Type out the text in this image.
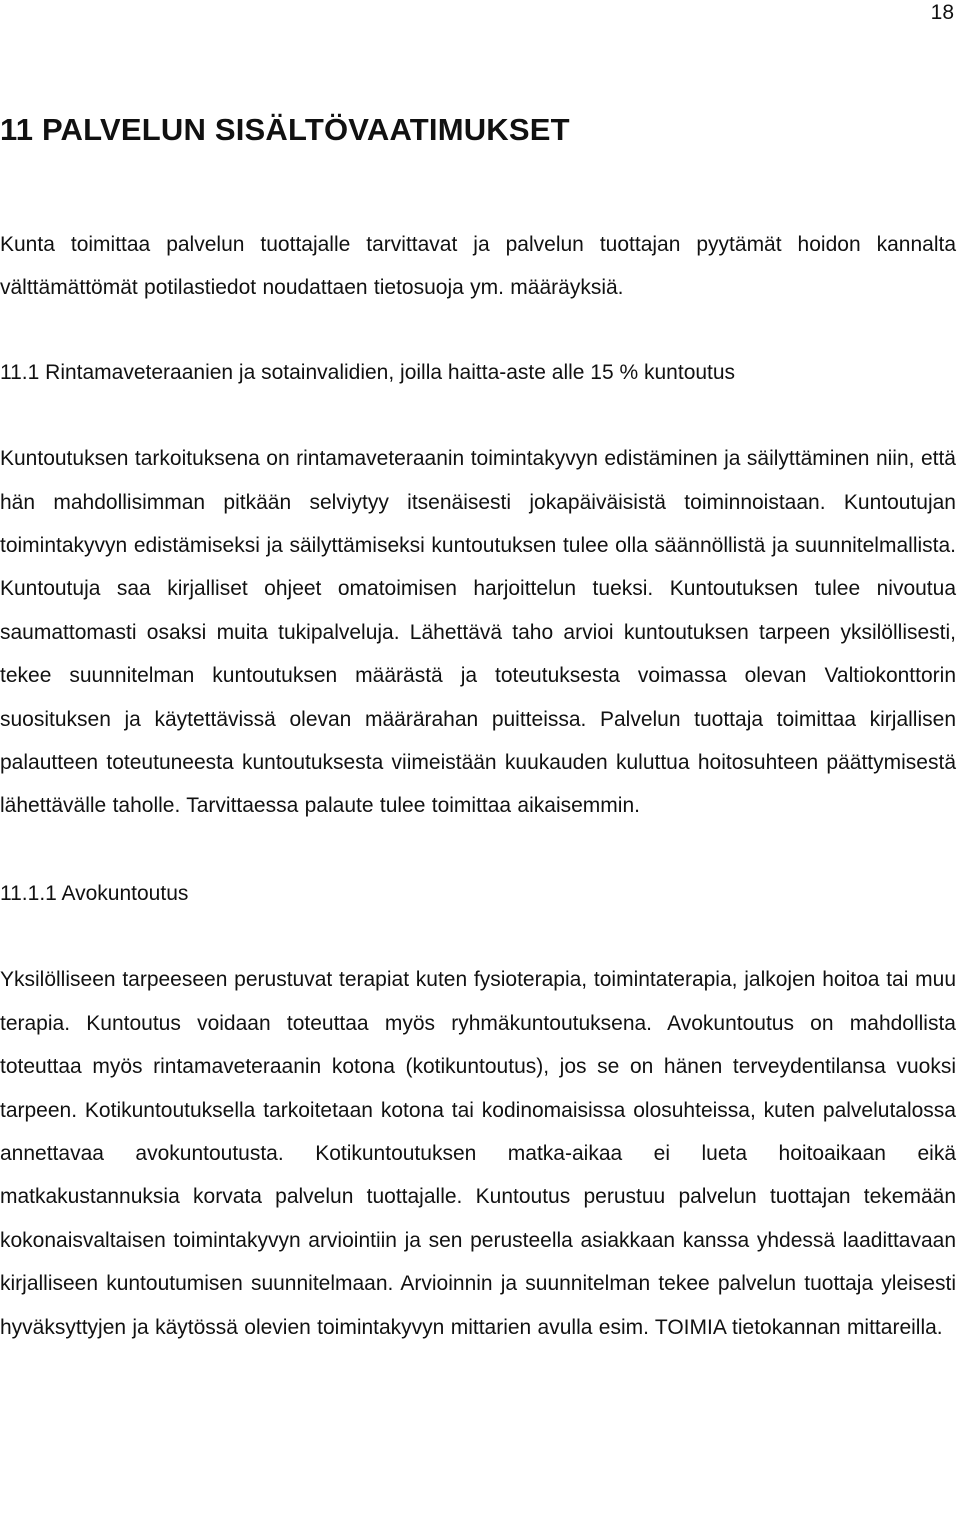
18
11 PALVELUN SISÄLTÖVAATIMUKSET

Kunta toimittaa palvelun tuottajalle tarvittavat ja palvelun tuottajan pyytämät hoidon kannalta välttämättömät potilastiedot noudattaen tietosuoja ym. määräyksiä.

11.1 Rintamaveteraanien ja sotainvalidien, joilla haitta-aste alle 15 % kuntoutus

Kuntoutuksen tarkoituksena on rintamaveteraanin toimintakyvyn edistäminen ja säilyttäminen niin, että hän mahdollisimman pitkään selviytyy itsenäisesti jokapäiväisistä toiminnoistaan. Kuntoutujan toimintakyvyn edistämiseksi ja säilyttämiseksi kuntoutuksen tulee olla säännöllistä ja suunnitelmallista. Kuntoutuja saa kirjalliset ohjeet omatoimisen harjoittelun tueksi. Kuntoutuksen tulee nivoutua saumattomasti osaksi muita tukipalveluja. Lähettävä taho arvioi kuntoutuksen tarpeen yksilöllisesti, tekee suunnitelman kuntoutuksen määrästä ja toteutuksesta voimassa olevan Valtiokonttorin suosituksen ja käytettävissä olevan määrärahan puitteissa. Palvelun tuottaja toimittaa kirjallisen palautteen toteutuneesta kuntoutuksesta viimeistään kuukauden kuluttua hoitosuhteen päättymisestä lähettävälle taholle. Tarvittaessa palaute tulee toimittaa aikaisemmin.

11.1.1 Avokuntoutus

Yksilölliseen tarpeeseen perustuvat terapiat kuten fysioterapia, toimintaterapia, jalkojen hoitoa tai muu terapia. Kuntoutus voidaan toteuttaa myös ryhmäkuntoutuksena. Avokuntoutus on mahdollista toteuttaa myös rintamaveteraanin kotona (kotikuntoutus), jos se on hänen terveydentilansa vuoksi tarpeen. Kotikuntoutuksella tarkoitetaan kotona tai kodinomaisissa olosuhteissa, kuten palvelutalossa annettavaa avokuntoutusta. Kotikuntoutuksen matka-aikaa ei lueta hoitoaikaan eikä matkakustannuksia korvata palvelun tuottajalle. Kuntoutus perustuu palvelun tuottajan tekemään kokonaisvaltaisen toimintakyvyn arviointiin ja sen perusteella asiakkaan kanssa yhdessä laadittavaan kirjalliseen kuntoutumisen suunnitelmaan. Arvioinnin ja suunnitelman tekee palvelun tuottaja yleisesti hyväksyttyjen ja käytössä olevien toimintakyvyn mittarien avulla esim. TOIMIA tietokannan mittareilla.
